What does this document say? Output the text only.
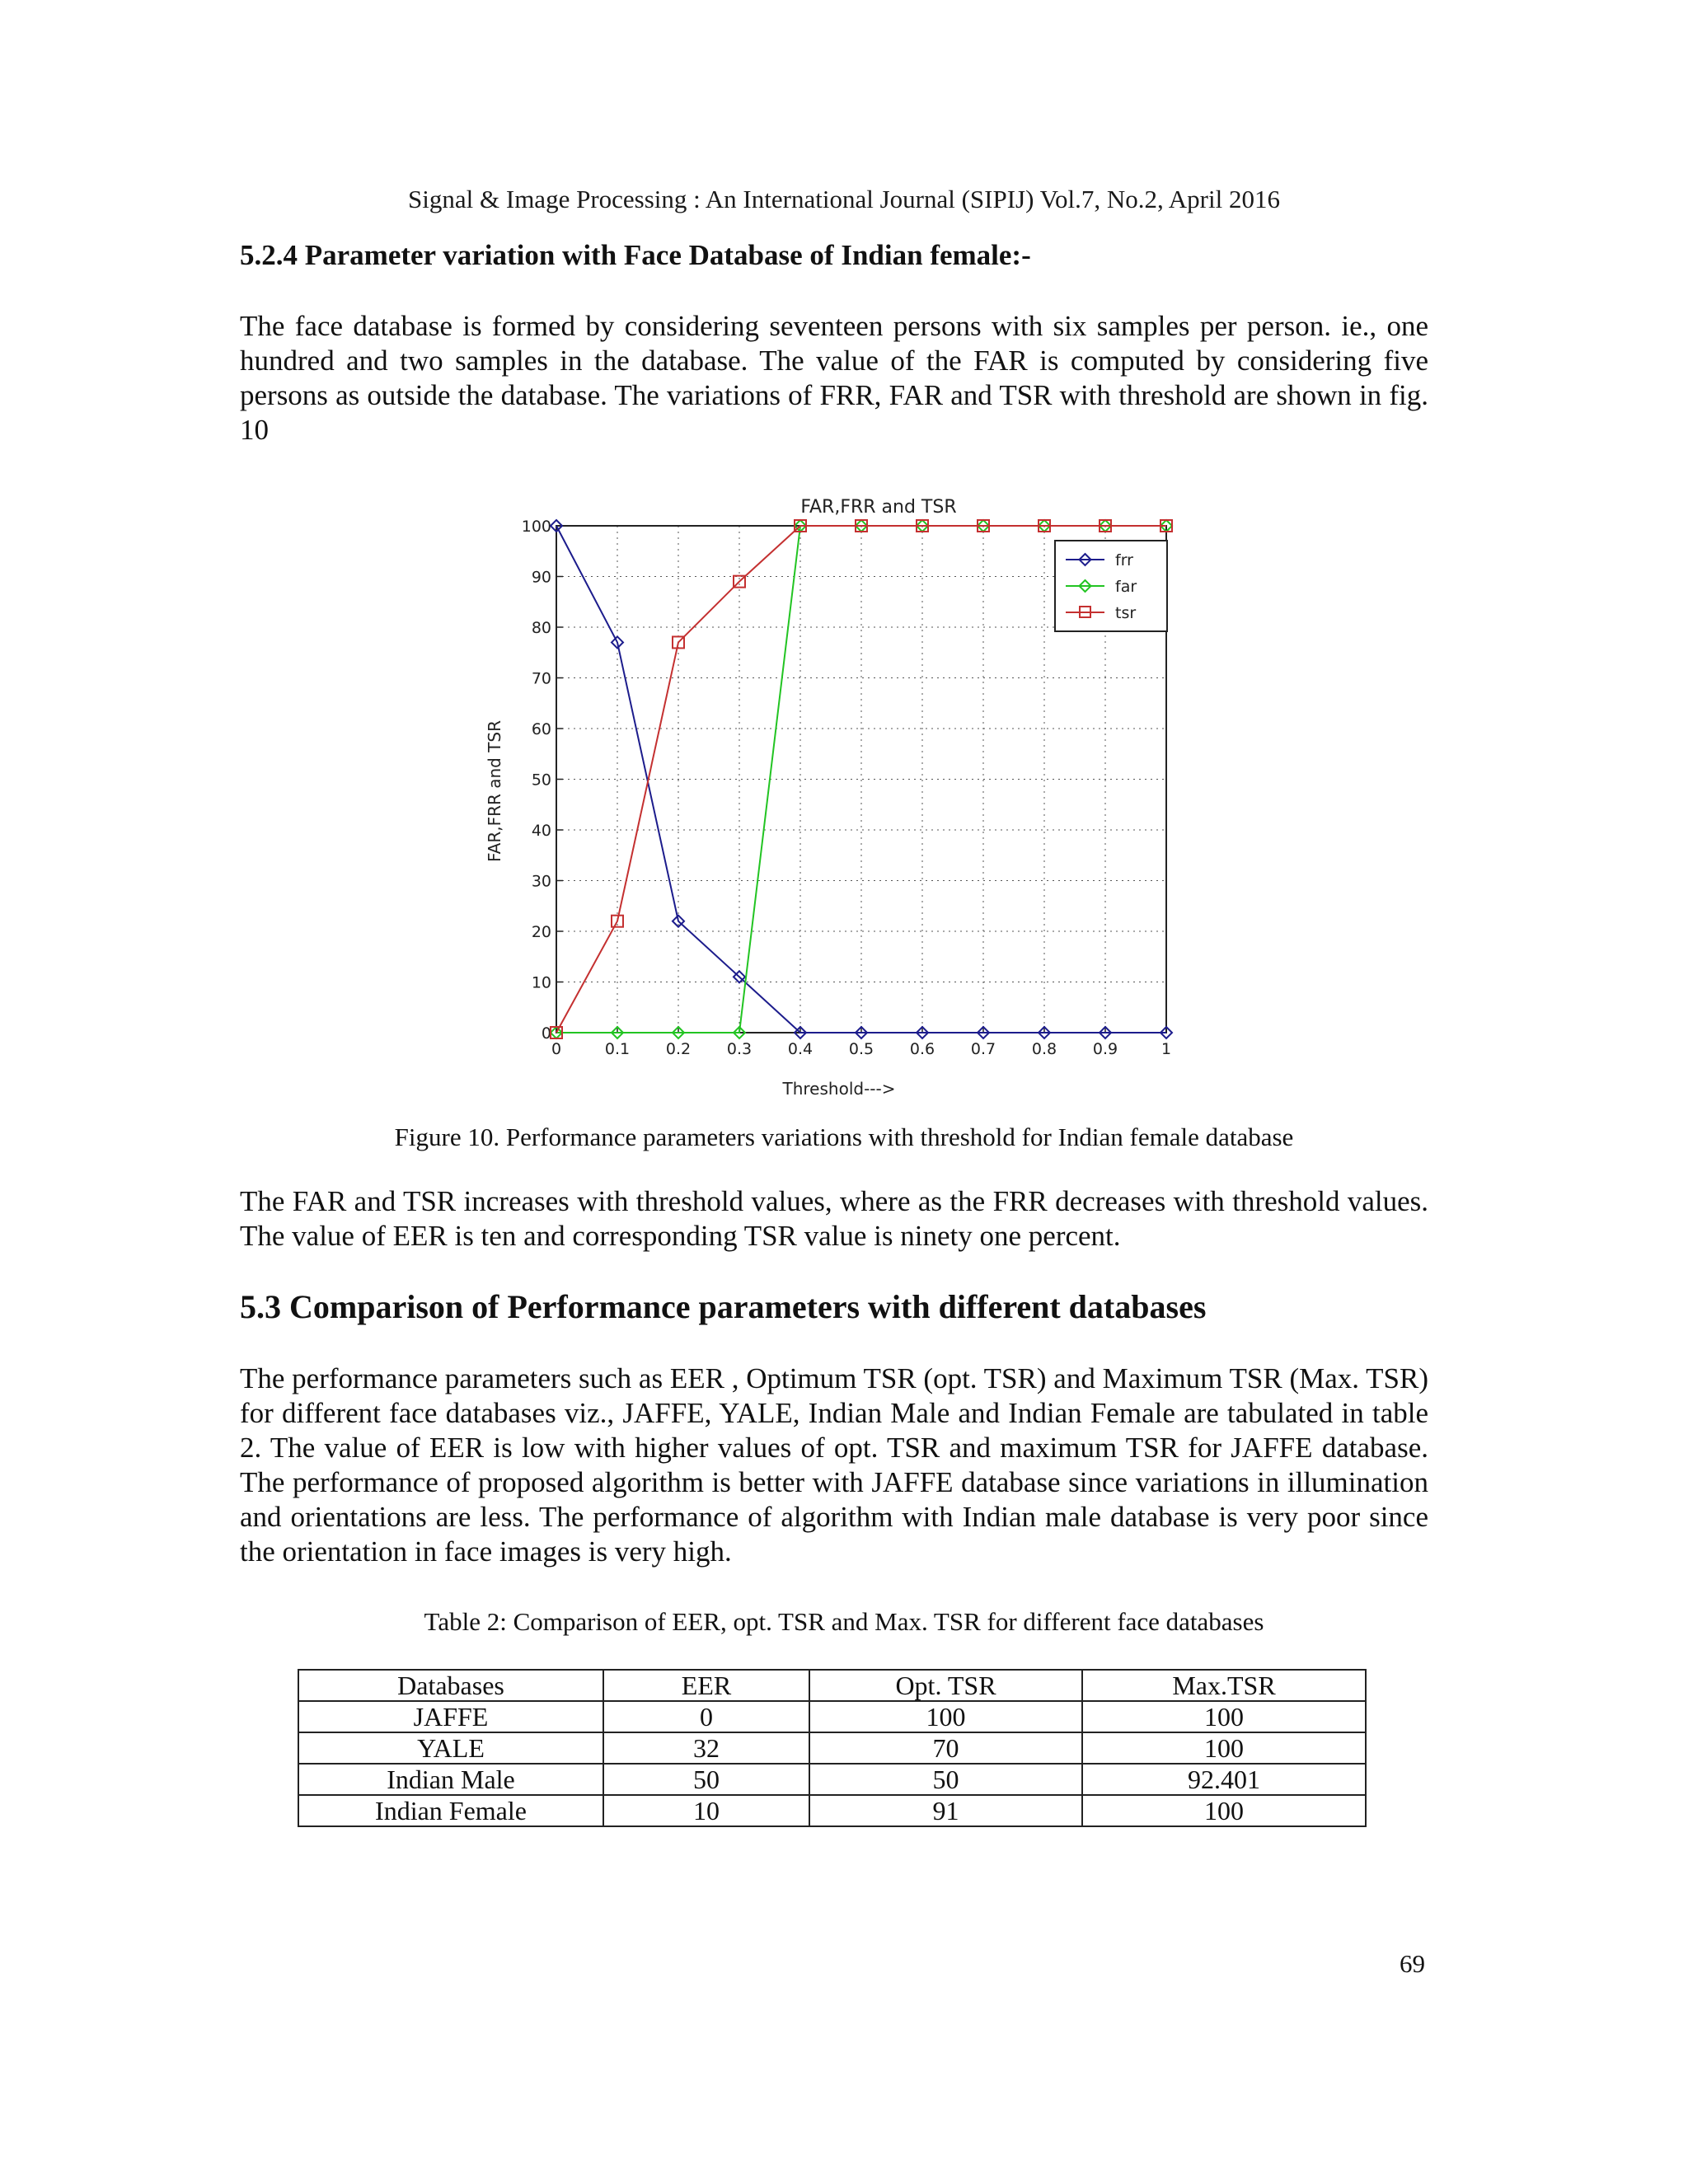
Signal & Image Processing : An International Journal (SIPIJ) Vol.7, No.2, April 2016
5.2.4 Parameter variation with Face Database of Indian female:-

The face database is formed by considering seventeen persons with six samples per person. ie., one hundred and two samples in the database. The value of the FAR is computed by considering five persons as outside the database. The variations of FRR, FAR and TSR with threshold are shown in fig. 10

FAR,FRR and TSR
0
10
20
30
40
50
60
70
80
90
100
0	0.1 0.2 0.3 0.4 0.5 0.6 0.7 0.8 0.9	1
Threshold--->
FAR,FRR and TSR
frr
far
tsr
Figure 10. Performance parameters variations with threshold for Indian female database

The FAR and TSR increases with threshold values, where as the FRR decreases with threshold values. The value of EER is ten and corresponding TSR value is ninety one percent.

5.3 Comparison of Performance parameters with different databases

The performance parameters such as EER , Optimum TSR (opt. TSR) and Maximum TSR (Max. TSR) for different face databases viz., JAFFE, YALE, Indian Male and Indian Female are tabulated in table 2. The value of EER is low with higher values of opt. TSR and maximum TSR for JAFFE database. The performance of proposed algorithm is better with JAFFE database since variations in illumination and orientations are less. The performance of algorithm with Indian male database is very poor since the orientation in face images is very high.

Table 2: Comparison of EER, opt. TSR and Max. TSR for different face databases
Databases	EER	Opt. TSR	Max.TSR
JAFFE	0	100	100
YALE	32	70	100
Indian Male	50	50	92.401
Indian Female	10	91	100
69
